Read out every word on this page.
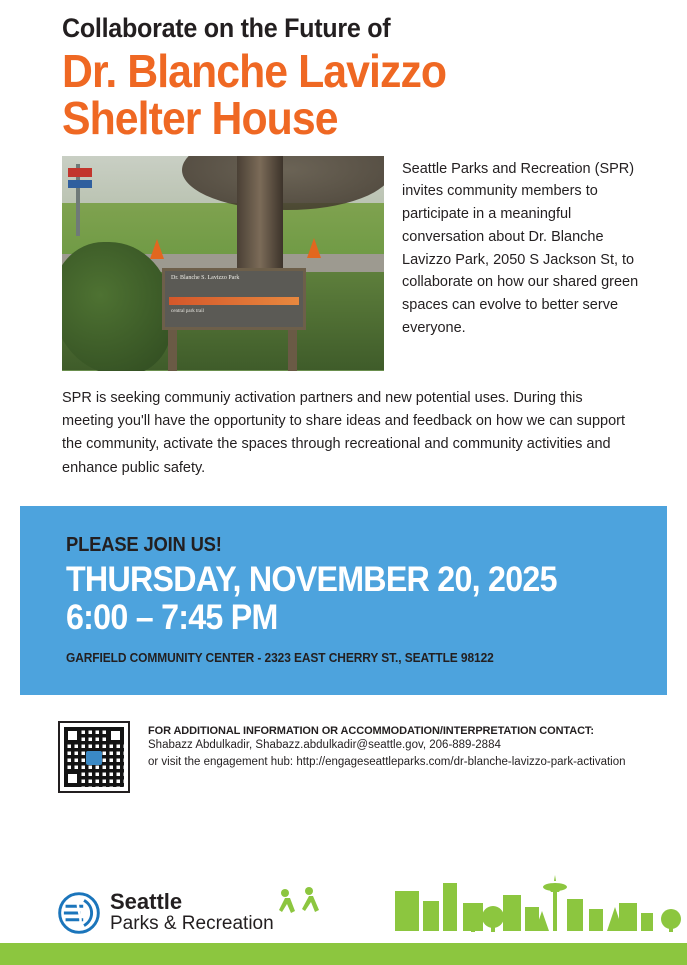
Collaborate on the Future of
Dr. Blanche Lavizzo
Shelter House
Dr. Blanche S. Lavizzo Park
central park trail
Seattle Parks and Recreation (SPR) invites community members to participate in a meaningful conversation about Dr. Blanche Lavizzo Park, 2050 S Jackson St, to collaborate on how our shared green spaces can evolve to better serve everyone.
SPR is seeking communiy activation partners and new potential uses. During this meeting you'll have the opportunity to share ideas and feedback on how we can support the community, activate the spaces through recreational and community activities and enhance public safety.
PLEASE JOIN US!
THURSDAY, NOVEMBER 20, 2025
6:00 – 7:45 PM
GARFIELD COMMUNITY CENTER - 2323 EAST CHERRY ST., SEATTLE 98122
FOR ADDITIONAL INFORMATION OR ACCOMMODATION/INTERPRETATION CONTACT:
Shabazz Abdulkadir, Shabazz.abdulkadir@seattle.gov, 206-889-2884
or visit the engagement hub: http://engageseattleparks.com/dr-blanche-lavizzo-park-activation
Seattle
Parks & Recreation
